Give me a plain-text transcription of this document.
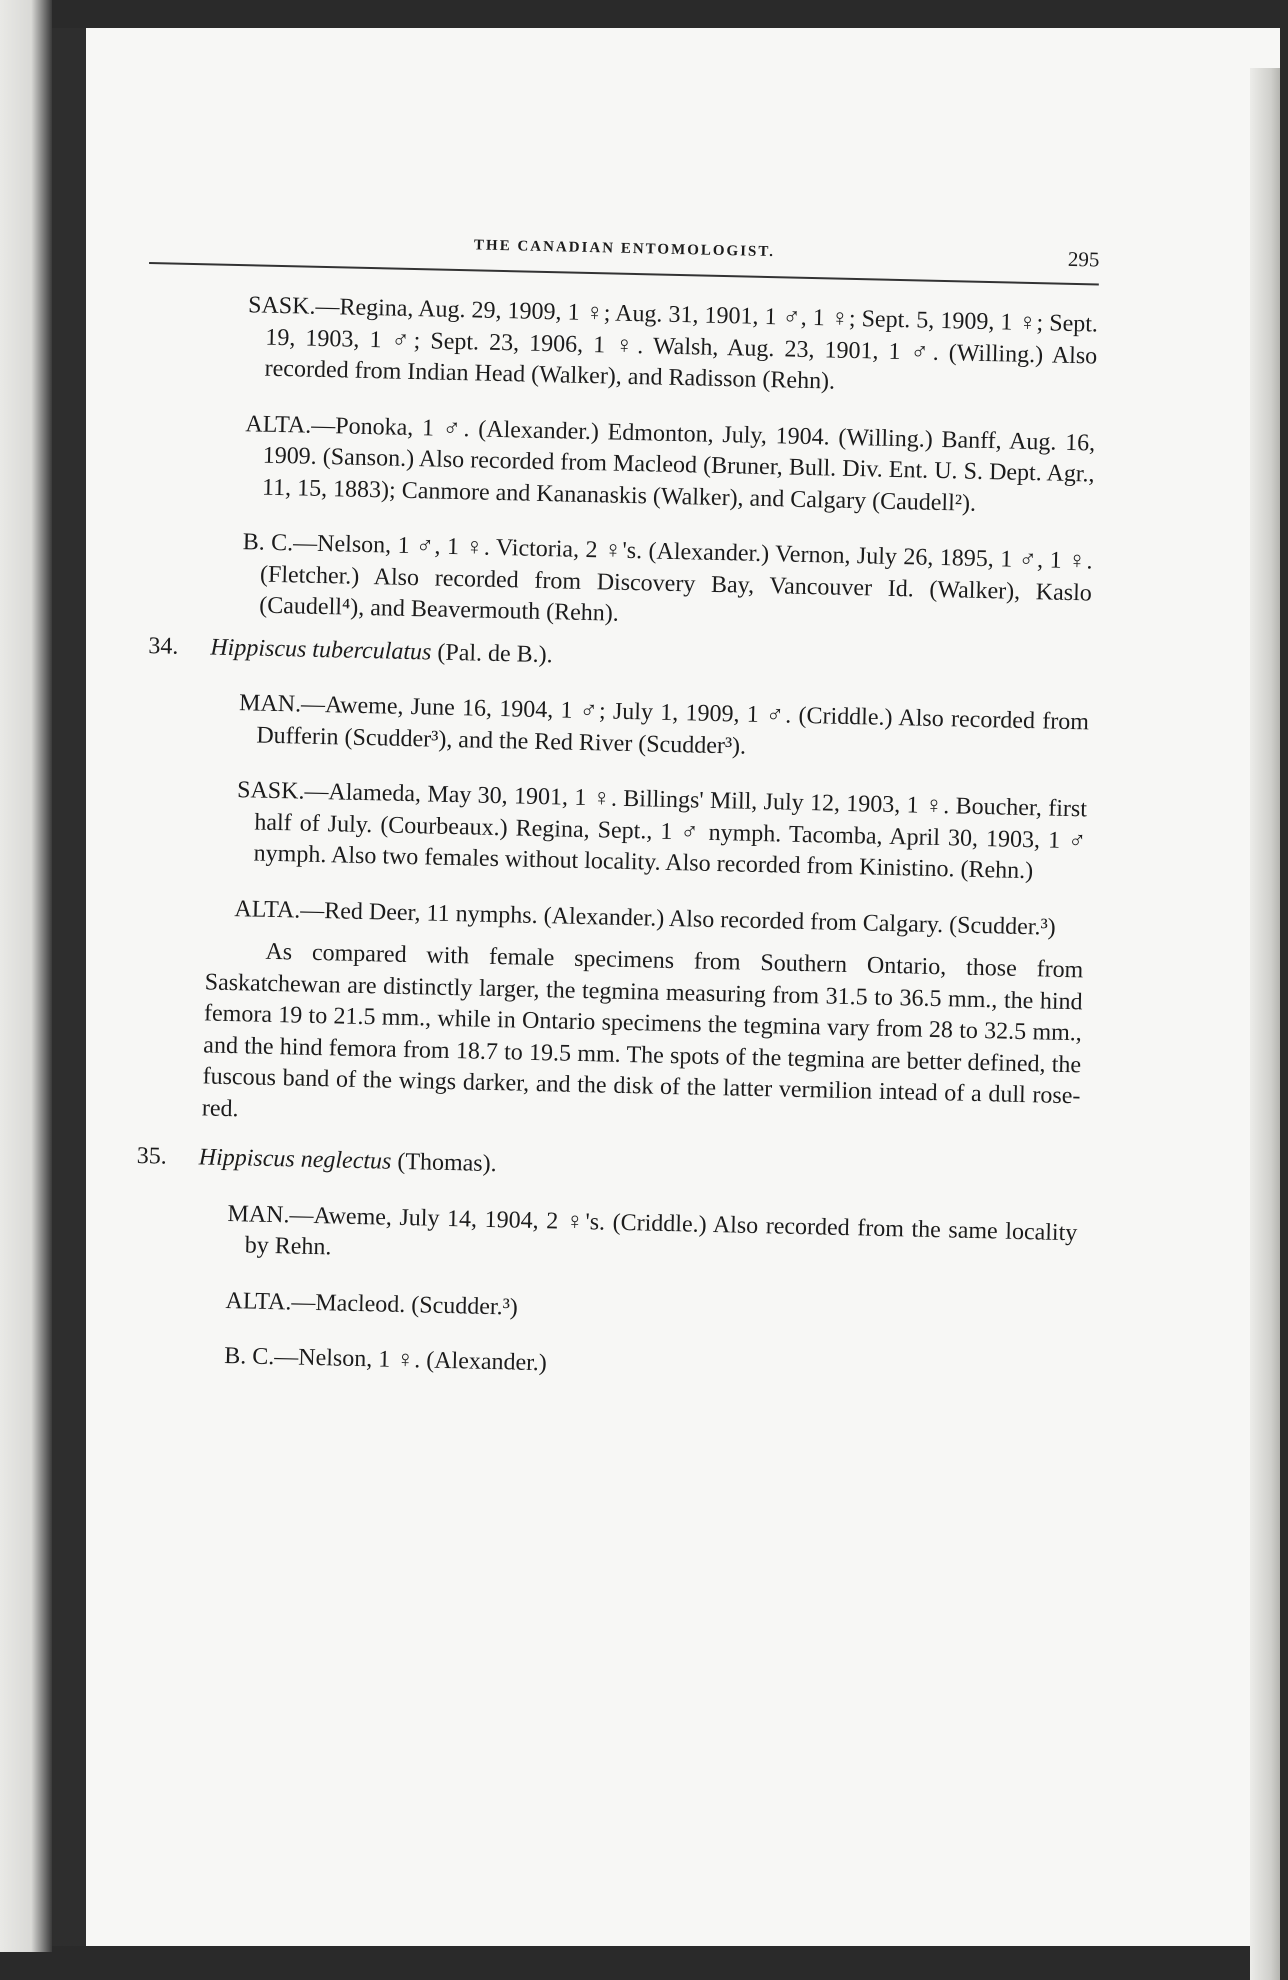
THE CANADIAN ENTOMOLOGIST.	295

SASK.—Regina, Aug. 29, 1909, 1 ♀; Aug. 31, 1901, 1 ♂, 1 ♀; Sept. 5, 1909, 1 ♀; Sept. 19, 1903, 1 ♂; Sept. 23, 1906, 1 ♀. Walsh, Aug. 23, 1901, 1 ♂. (Willing.) Also recorded from Indian Head (Walker), and Radisson (Rehn).

ALTA.—Ponoka, 1 ♂. (Alexander.) Edmonton, July, 1904. (Willing.) Banff, Aug. 16, 1909. (Sanson.) Also recorded from Macleod (Bruner, Bull. Div. Ent. U. S. Dept. Agr., 11, 15, 1883); Canmore and Kananaskis (Walker), and Calgary (Caudell²).

B. C.—Nelson, 1 ♂, 1 ♀. Victoria, 2 ♀'s. (Alexander.) Vernon, July 26, 1895, 1 ♂, 1 ♀. (Fletcher.) Also recorded from Discovery Bay, Vancouver Id. (Walker), Kaslo (Caudell⁴), and Beavermouth (Rehn).

34. Hippiscus tuberculatus (Pal. de B.).

MAN.—Aweme, June 16, 1904, 1 ♂; July 1, 1909, 1 ♂. (Criddle.) Also recorded from Dufferin (Scudder³), and the Red River (Scudder³).

SASK.—Alameda, May 30, 1901, 1 ♀. Billings' Mill, July 12, 1903, 1 ♀. Boucher, first half of July. (Courbeaux.) Regina, Sept., 1 ♂ nymph. Tacomba, April 30, 1903, 1 ♂ nymph. Also two females without locality. Also recorded from Kinistino. (Rehn.)

ALTA.—Red Deer, 11 nymphs. (Alexander.) Also recorded from Calgary. (Scudder.³)

As compared with female specimens from Southern Ontario, those from Saskatchewan are distinctly larger, the tegmina measuring from 31.5 to 36.5 mm., the hind femora 19 to 21.5 mm., while in Ontario specimens the tegmina vary from 28 to 32.5 mm., and the hind femora from 18.7 to 19.5 mm. The spots of the tegmina are better defined, the fuscous band of the wings darker, and the disk of the latter vermilion intead of a dull rose-red.

35. Hippiscus neglectus (Thomas).

MAN.—Aweme, July 14, 1904, 2 ♀'s. (Criddle.) Also recorded from the same locality by Rehn.

ALTA.—Macleod. (Scudder.³)

B. C.—Nelson, 1 ♀. (Alexander.)
